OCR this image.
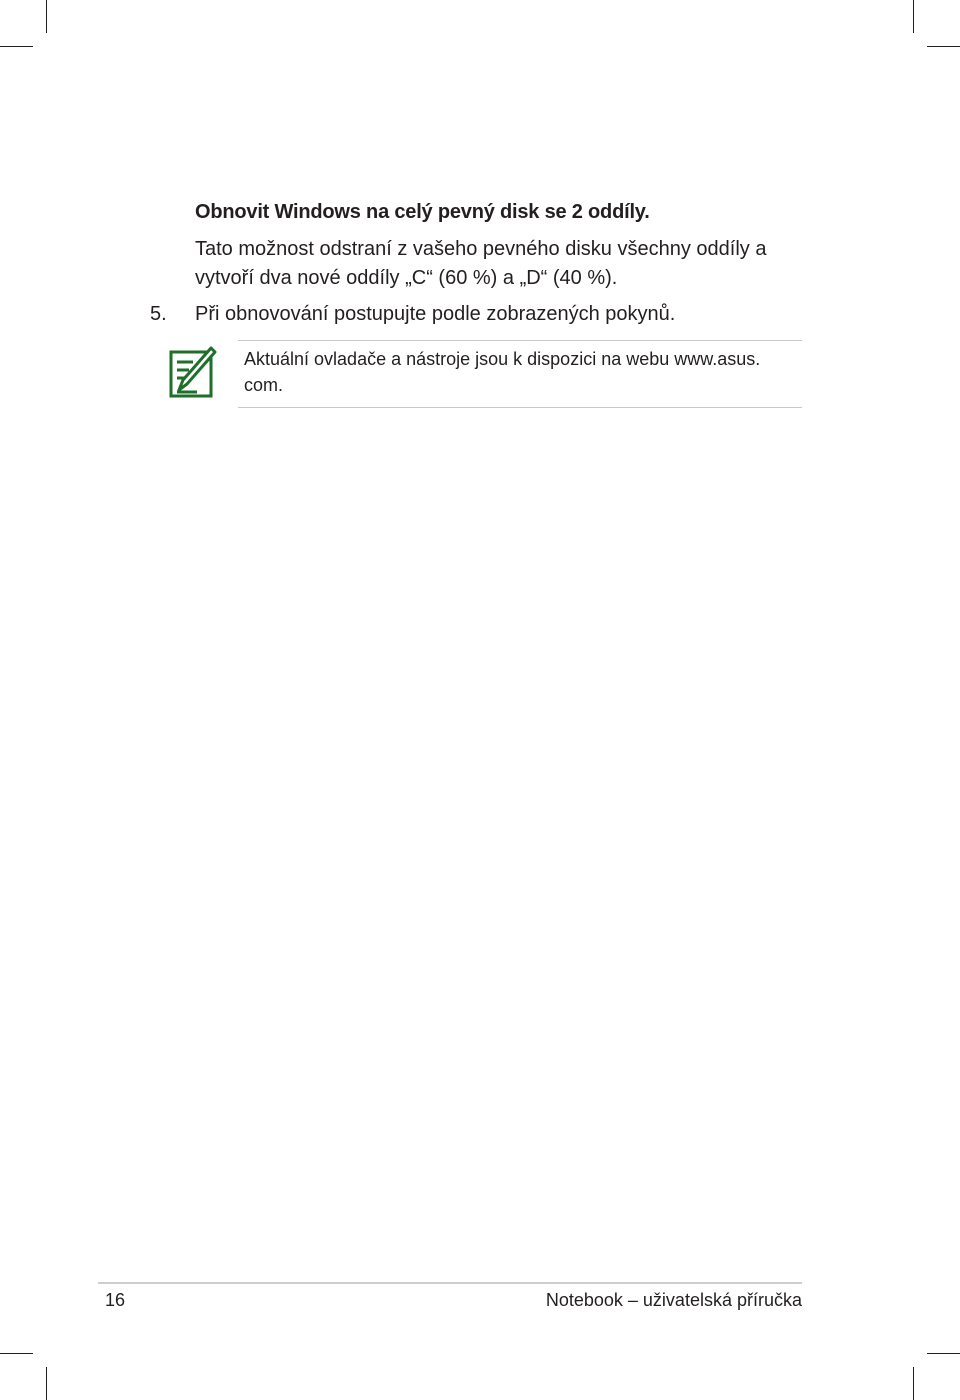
Obnovit Windows na celý pevný disk se 2 oddíly.
Tato možnost odstraní z vašeho pevného disku všechny oddíly a vytvoří dva nové oddíly „C“ (60 %) a „D“ (40 %).
5. Při obnovování postupujte podle zobrazených pokynů.
Aktuální ovladače a nástroje jsou k dispozici na webu www.asus. com.
16	Notebook – uživatelská příručka
